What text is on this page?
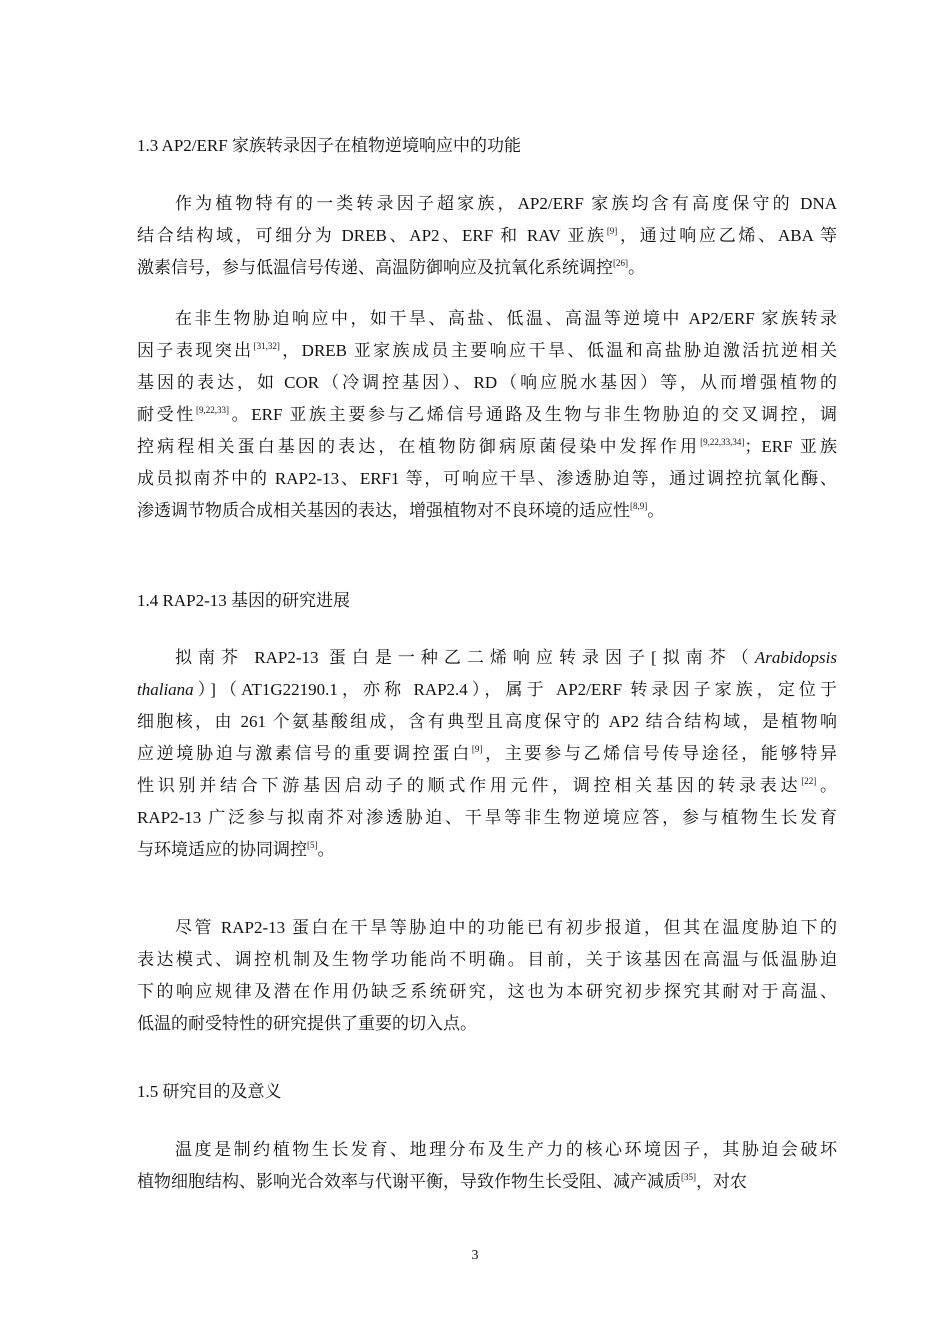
1.3 AP2/ERF 家族转录因子在植物逆境响应中的功能
作为植物特有的一类转录因子超家族，AP2/ERF 家族均含有高度保守的 DNA
结合结构域，可细分为 DREB、AP2、ERF 和 RAV 亚族[9]，通过响应乙烯、ABA 等
激素信号，参与低温信号传递、高温防御响应及抗氧化系统调控[26]。
在非生物胁迫响应中，如干旱、高盐、低温、高温等逆境中 AP2/ERF 家族转录
因子表现突出[31,32]，DREB 亚家族成员主要响应干旱、低温和高盐胁迫激活抗逆相关
基因的表达，如 COR（冷调控基因）、RD（响应脱水基因）等，从而增强植物的
耐受性[9,22,33]。ERF 亚族主要参与乙烯信号通路及生物与非生物胁迫的交叉调控，调
控病程相关蛋白基因的表达，在植物防御病原菌侵染中发挥作用[9,22,33,34]；ERF 亚族
成员拟南芥中的 RAP2-13、ERF1 等，可响应干旱、渗透胁迫等，通过调控抗氧化酶、
渗透调节物质合成相关基因的表达，增强植物对不良环境的适应性[8,9]。
1.4 RAP2-13 基因的研究进展
拟南芥 RAP2-13 蛋白是一种乙二烯响应转录因子[拟南芥（Arabidopsis
thaliana）]（AT1G22190.1，亦称 RAP2.4），属于 AP2/ERF 转录因子家族，定位于
细胞核，由 261 个氨基酸组成，含有典型且高度保守的 AP2 结合结构域，是植物响
应逆境胁迫与激素信号的重要调控蛋白[9]，主要参与乙烯信号传导途径，能够特异
性识别并结合下游基因启动子的顺式作用元件，调控相关基因的转录表达[22]。
RAP2-13 广泛参与拟南芥对渗透胁迫、干旱等非生物逆境应答，参与植物生长发育
与环境适应的协同调控[5]。
尽管 RAP2-13 蛋白在干旱等胁迫中的功能已有初步报道，但其在温度胁迫下的
表达模式、调控机制及生物学功能尚不明确。目前，关于该基因在高温与低温胁迫
下的响应规律及潜在作用仍缺乏系统研究，这也为本研究初步探究其耐对于高温、
低温的耐受特性的研究提供了重要的切入点。
1.5 研究目的及意义
温度是制约植物生长发育、地理分布及生产力的核心环境因子，其胁迫会破坏
植物细胞结构、影响光合效率与代谢平衡，导致作物生长受阻、减产减质[35]，对农
3
